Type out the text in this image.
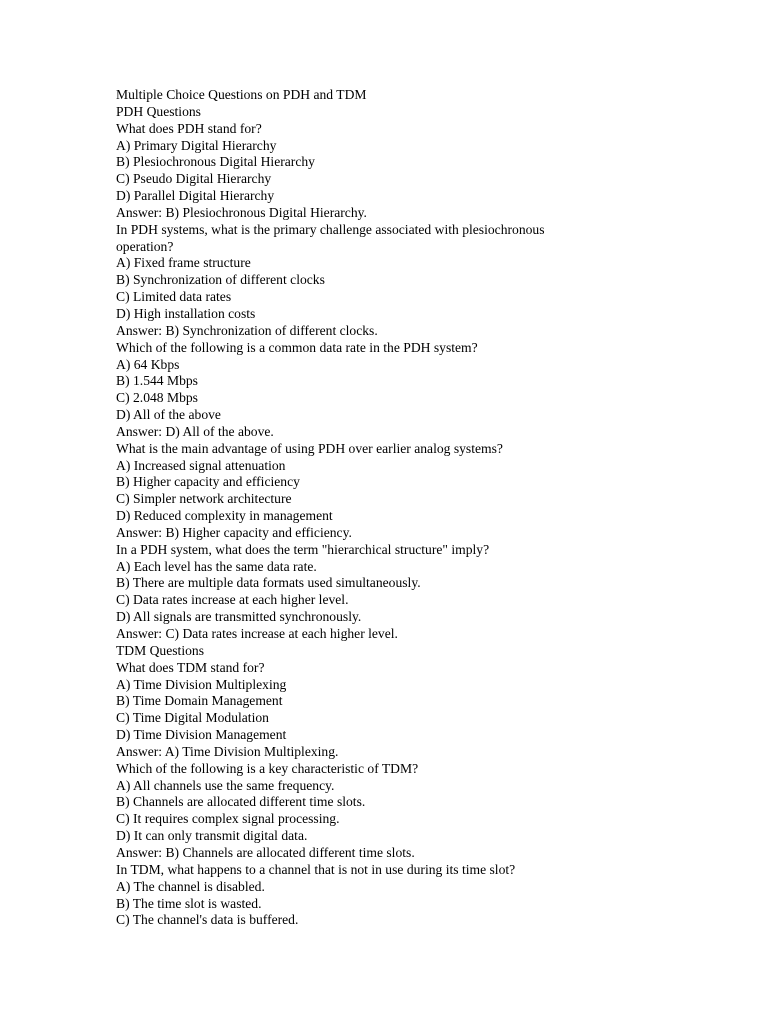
Multiple Choice Questions on PDH and TDM

PDH Questions

What does PDH stand for?

A) Primary Digital Hierarchy

B) Plesiochronous Digital Hierarchy

C) Pseudo Digital Hierarchy

D) Parallel Digital Hierarchy

Answer: B) Plesiochronous Digital Hierarchy.

In PDH systems, what is the primary challenge associated with plesiochronous

operation?

A) Fixed frame structure

B) Synchronization of different clocks

C) Limited data rates

D) High installation costs

Answer: B) Synchronization of different clocks.

Which of the following is a common data rate in the PDH system?

A) 64 Kbps

B) 1.544 Mbps

C) 2.048 Mbps

D) All of the above

Answer: D) All of the above.

What is the main advantage of using PDH over earlier analog systems?

A) Increased signal attenuation

B) Higher capacity and efficiency

C) Simpler network architecture

D) Reduced complexity in management

Answer: B) Higher capacity and efficiency.

In a PDH system, what does the term "hierarchical structure" imply?

A) Each level has the same data rate.

B) There are multiple data formats used simultaneously.

C) Data rates increase at each higher level.

D) All signals are transmitted synchronously.

Answer: C) Data rates increase at each higher level.

TDM Questions

What does TDM stand for?

A) Time Division Multiplexing

B) Time Domain Management

C) Time Digital Modulation

D) Time Division Management

Answer: A) Time Division Multiplexing.

Which of the following is a key characteristic of TDM?

A) All channels use the same frequency.

B) Channels are allocated different time slots.

C) It requires complex signal processing.

D) It can only transmit digital data.

Answer: B) Channels are allocated different time slots.

In TDM, what happens to a channel that is not in use during its time slot?

A) The channel is disabled.

B) The time slot is wasted.

C) The channel's data is buffered.
